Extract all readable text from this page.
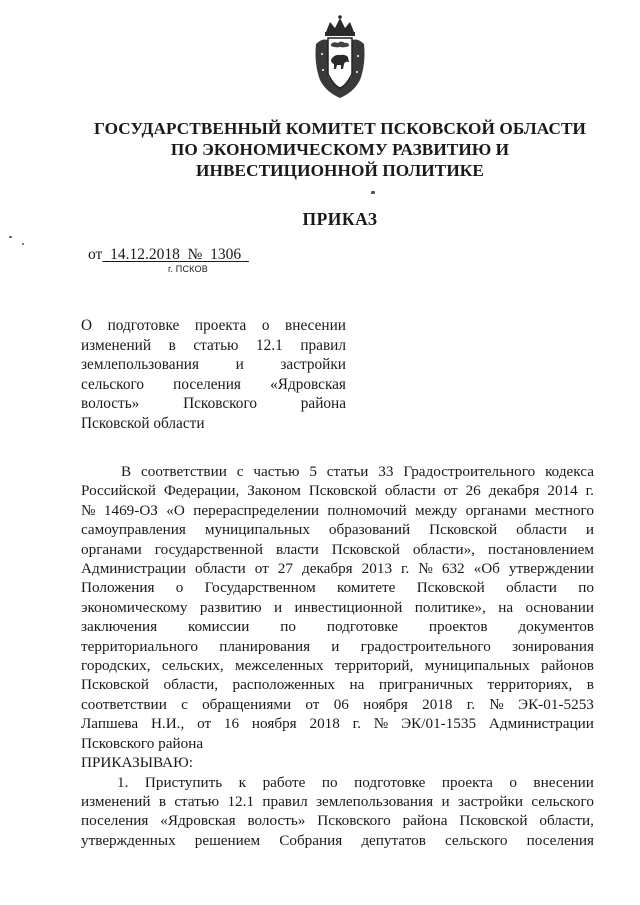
ГОСУДАРСТВЕННЫЙ КОМИТЕТ ПСКОВСКОЙ ОБЛАСТИ
ПО ЭКОНОМИЧЕСКОМУ РАЗВИТИЮ И
ИНВЕСТИЦИОННОЙ ПОЛИТИКЕ
ПРИКАЗ
от 14.12.2018 № 1306
г. ПСКОВ
О подготовке проекта о внесении
изменений в статью 12.1 правил
землепользования и застройки
сельского поселения «Ядровская
волость»	Псковского	района
Псковской области
В соответствии с частью 5 статьи 33 Градостроительного кодекса
Российской Федерации, Законом Псковской области от 26 декабря 2014 г.
№ 1469-ОЗ «О перераспределении полномочий между органами местного
самоуправления муниципальных образований Псковской области и
органами государственной власти Псковской области», постановлением
Администрации области от 27 декабря 2013 г. № 632 «Об утверждении
Положения о Государственном комитете Псковской области по
экономическому развитию и инвестиционной политике», на основании
заключения комиссии по подготовке проектов документов
территориального планирования и градостроительного зонирования
городских, сельских, межселенных территорий, муниципальных районов
Псковской области, расположенных на приграничных территориях, в
соответствии с обращениями от 06 ноября 2018 г. № ЭК-01-5253
Лапшева Н.И., от 16 ноября 2018 г. № ЭК/01-1535 Администрации
Псковского района
ПРИКАЗЫВАЮ:
1. Приступить к работе по подготовке проекта о внесении
изменений в статью 12.1 правил землепользования и застройки сельского
поселения «Ядровская волость» Псковского района Псковской области,
утвержденных решением Собрания депутатов сельского поселения
